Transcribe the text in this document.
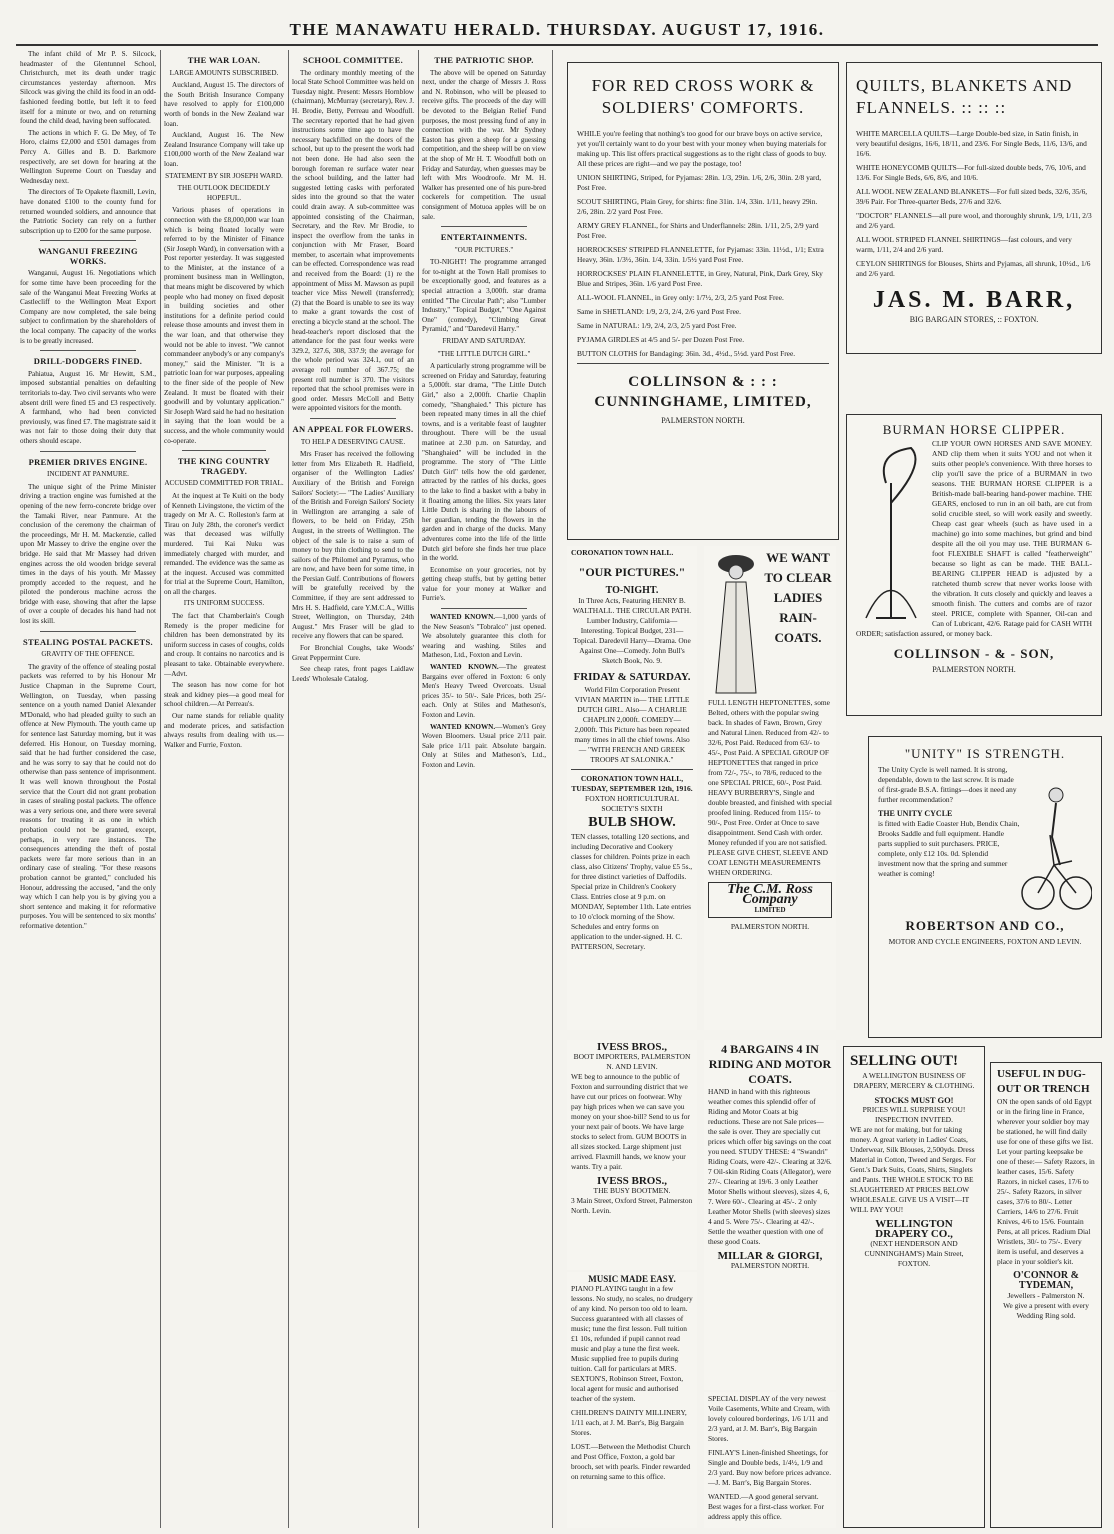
THE MANAWATU HERALD. THURSDAY. AUGUST 17, 1916.

The infant child of Mr P. S. Silcock, headmaster of the Glentunnel School, Christchurch, met its death under tragic circumstances yesterday afternoon. Mrs Silcock was giving the child its food in an odd-fashioned feeding bottle, but left it to feed itself for a minute or two, and on returning found the child dead, having been suffocated.

The actions in which F. G. De Mey, of Te Horo, claims £2,000 and £501 damages from Percy A. Gilles and B. D. Barkmore respectively, are set down for hearing at the Wellington Supreme Court on Tuesday and Wednesday next.

The directors of Te Opakete flaxmill, Levin, have donated £100 to the county fund for returned wounded soldiers, and announce that the Patriotic Society can rely on a further subscription up to £200 for the same purpose.

WANGANUI FREEZING WORKS.

Wanganui, August 16. Negotiations which for some time have been proceeding for the sale of the Wanganui Meat Freezing Works at Castlecliff to the Wellington Meat Export Company are now completed, the sale being subject to confirmation by the shareholders of the local company. The capacity of the works is to be greatly increased.

DRILL-DODGERS FINED.

Pahiatua, August 16. Mr Hewitt, S.M., imposed substantial penalties on defaulting territorials to-day. Two civil servants who were absent drill were fined £5 and £3 respectively. A farmhand, who had been convicted previously, was fined £7. The magistrate said it was not fair to those doing their duty that others should escape.

PREMIER DRIVES ENGINE.
INCIDENT AT PANMURE.

The unique sight of the Prime Minister driving a traction engine was furnished at the opening of the new ferro-concrete bridge over the Tamaki River, near Panmure. At the conclusion of the ceremony the chairman of the proceedings, Mr H. M. Mackenzie, called upon Mr Massey to drive the engine over the bridge. He said that Mr Massey had driven engines across the old wooden bridge several times in the days of his youth. Mr Massey promptly acceded to the request, and he piloted the ponderous machine across the bridge with ease, showing that after the lapse of over a couple of decades his hand had not lost its skill.

STEALING POSTAL PACKETS.
GRAVITY OF THE OFFENCE.

The gravity of the offence of stealing postal packets was referred to by his Honour Mr Justice Chapman in the Supreme Court, Wellington, on Tuesday, when passing sentence on a youth named Daniel Alexander M'Donald, who had pleaded guilty to such an offence at New Plymouth. The youth came up for sentence last Saturday morning, but it was deferred. His Honour, on Tuesday morning, said that he had further considered the case, and he was sorry to say that he could not do otherwise than pass sentence of imprisonment. It was well known throughout the Postal service that the Court did not grant probation in cases of stealing postal packets. The offence was a very serious one, and there were several reasons for treating it as one in which probation could not be granted, except, perhaps, in very rare instances. The consequences attending the theft of postal packets were far more serious than in an ordinary case of stealing. "For these reasons probation cannot be granted," concluded his Honour, addressing the accused, "and the only way which I can help you is by giving you a short sentence and making it for reformative purposes. You will be sentenced to six months' reformative detention."

THE WAR LOAN.
LARGE AMOUNTS SUBSCRIBED.

Auckland, August 15. The directors of the South British Insurance Company have resolved to apply for £100,000 worth of bonds in the New Zealand war loan.

Auckland, August 16. The New Zealand Insurance Company will take up £100,000 worth of the New Zealand war loan.

STATEMENT BY SIR JOSEPH WARD.
THE OUTLOOK DECIDEDLY HOPEFUL.

Various phases of operations in connection with the £8,000,000 war loan which is being floated locally were referred to by the Minister of Finance (Sir Joseph Ward), in conversation with a Post reporter yesterday. It was suggested to the Minister, at the instance of a prominent business man in Wellington, that means might be discovered by which people who had money on fixed deposit in building societies and other institutions for a definite period could release those amounts and invest them in the war loan, and that otherwise they would not be able to invest. "We cannot commandeer anybody's or any company's money," said the Minister. "It is a patriotic loan for war purposes, appealing to the finer side of the people of New Zealand. It must be floated with their goodwill and by voluntary application." Sir Joseph Ward said he had no hesitation in saying that the loan would be a success, and the whole community would co-operate.

THE KING COUNTRY TRAGEDY.
ACCUSED COMMITTED FOR TRIAL.

At the inquest at Te Kuiti on the body of Kenneth Livingstone, the victim of the tragedy on Mr A. C. Rolleston's farm at Tirau on July 28th, the coroner's verdict was that deceased was wilfully murdered. Tui Kai Nuku was immediately charged with murder, and remanded. The evidence was the same as at the inquest. Accused was committed for trial at the Supreme Court, Hamilton, on all the charges.

ITS UNIFORM SUCCESS.

The fact that Chamberlain's Cough Remedy is the proper medicine for children has been demonstrated by its uniform success in cases of coughs, colds and croup. It contains no narcotics and is pleasant to take. Obtainable everywhere.—Advt.

The season has now come for hot steak and kidney pies—a good meal for school children.—At Perreau's.

Our name stands for reliable quality and moderate prices, and satisfaction always results from dealing with us.—Walker and Furrie, Foxton.

SCHOOL COMMITTEE.

The ordinary monthly meeting of the local State School Committee was held on Tuesday night. Present: Messrs Hornblow (chairman), McMurray (secretary), Rev. J. H. Brodie, Betty, Perreau and Woodfull. The secretary reported that he had given instructions some time ago to have the necessary backfilled on the doors of the school, but up to the present the work had not been done. He had also seen the borough foreman re surface water near the school building, and the latter had suggested letting casks with perforated sides into the ground so that the water could drain away. A sub-committee was appointed consisting of the Chairman, Secretary, and the Rev. Mr Brodie, to inspect the overflow from the tanks in conjunction with Mr Fraser, Board member, to ascertain what improvements can be effected. Correspondence was read and received from the Board: (1) re the appointment of Miss M. Mawson as pupil teacher vice Miss Newell (transferred); (2) that the Board is unable to see its way to make a grant towards the cost of erecting a bicycle stand at the school. The head-teacher's report disclosed that the attendance for the past four weeks were 329.2, 327.6, 308, 337.9; the average for the whole period was 324.1, out of an average roll number of 367.75; the present roll number is 370. The visitors reported that the school premises were in good order. Messrs McColl and Betty were appointed visitors for the month.

AN APPEAL FOR FLOWERS.
TO HELP A DESERVING CAUSE.

Mrs Fraser has received the following letter from Mrs Elizabeth R. Hadfield, organiser of the Wellington Ladies' Auxiliary of the British and Foreign Sailors' Society:— "The Ladies' Auxiliary of the British and Foreign Sailors' Society in Wellington are arranging a sale of flowers, to be held on Friday, 25th August, in the streets of Wellington. The object of the sale is to raise a sum of money to buy thin clothing to send to the sailors of the Philomel and Pyramus, who are now, and have been for some time, in the Persian Gulf. Contributions of flowers will be gratefully received by the Committee, if they are sent addressed to Mrs H. S. Hadfield, care Y.M.C.A., Willis Street, Wellington, on Thursday, 24th August." Mrs Fraser will be glad to receive any flowers that can be spared.

For Bronchial Coughs, take Woods' Great Peppermint Cure.

See cheap rates, front pages Laidlaw Leeds' Wholesale Catalog.

THE PATRIOTIC SHOP.

The above will be opened on Saturday next, under the charge of Messrs J. Ross and N. Robinson, who will be pleased to receive gifts. The proceeds of the day will be devoted to the Belgian Relief Fund purposes, the most pressing fund of any in connection with the war. Mr Sydney Easton has given a sheep for a guessing competition, and the sheep will be on view at the shop of Mr H. T. Woodfull both on Friday and Saturday, when guesses may be left with Mrs Woodroofe. Mr M. H. Walker has presented one of his pure-bred cockerels for competition. The usual consignment of Motuoa apples will be on sale.

ENTERTAINMENTS.
"OUR PICTURES."

TO-NIGHT! The programme arranged for to-night at the Town Hall promises to be exceptionally good, and features as a special attraction a 3,000ft. star drama entitled "The Circular Path"; also "Lumber Industry," "Topical Budget," "One Against One" (comedy), "Climbing Great Pyramid," and "Daredevil Harry."

FRIDAY AND SATURDAY.
"THE LITTLE DUTCH GIRL."

A particularly strong programme will be screened on Friday and Saturday, featuring a 5,000ft. star drama, "The Little Dutch Girl," also a 2,000ft. Charlie Chaplin comedy, "Shanghaied." This picture has been repeated many times in all the chief towns, and is a veritable feast of laughter throughout. There will be the usual matinee at 2.30 p.m. on Saturday, and "Shanghaied" will be included in the programme. The story of "The Little Dutch Girl" tells how the old gardener, attracted by the rattles of his ducks, goes to the lake to find a basket with a baby in it floating among the lilies. Six years later Little Dutch is sharing in the labours of her guardian, tending the flowers in the garden and in charge of the ducks. Many adventures come into the life of the little Dutch girl before she finds her true place in the world.

Economise on your groceries, not by getting cheap stuffs, but by getting better value for your money at Walker and Furrie's.

WANTED KNOWN.—1,000 yards of the New Season's "Tobralco" just opened. We absolutely guarantee this cloth for wearing and washing. Stiles and Matheson, Ltd., Foxton and Levin.

WANTED KNOWN.—The greatest Bargains ever offered in Foxton: 6 only Men's Heavy Tweed Overcoats. Usual prices 35/- to 50/-. Sale Prices, both 25/- each. Only at Stiles and Matheson's, Foxton and Levin.

WANTED KNOWN.—Women's Grey Woven Bloomers. Usual price 2/11 pair. Sale price 1/11 pair. Absolute bargain. Only at Stiles and Matheson's, Ltd., Foxton and Levin.

FOR RED CROSS WORK & SOLDIERS' COMFORTS.

WHILE you're feeling that nothing's too good for our brave boys on active service, yet you'll certainly want to do your best with your money when buying materials for making up. This list offers practical suggestions as to the right class of goods to buy. All these prices are right—and we pay the postage, too!

UNION SHIRTING, Striped, for Pyjamas: 28in. 1/3, 29in. 1/6, 2/6, 30in. 2/8 yard, Post Free.

SCOUT SHIRTING, Plain Grey, for shirts: fine 31in. 1/4, 33in. 1/11, heavy 29in. 2/6, 28in. 2/2 yard Post Free.

ARMY GREY FLANNEL, for Shirts and Underflannels: 28in. 1/11, 2/5, 2/9 yard Post Free.

HORROCKSES' STRIPED FLANNELETTE, for Pyjamas: 33in. 11½d., 1/1; Extra Heavy, 36in. 1/3½, 36in. 1/4, 33in. 1/5½ yard Post Free.

HORROCKSES' PLAIN FLANNELETTE, in Grey, Natural, Pink, Dark Grey, Sky Blue and Stripes, 36in. 1/6 yard Post Free.

ALL-WOOL FLANNEL, in Grey only: 1/7½, 2/3, 2/5 yard Post Free.

Same in SHETLAND: 1/9, 2/3, 2/4, 2/6 yard Post Free.

Same in NATURAL: 1/9, 2/4, 2/3, 2/5 yard Post Free.

PYJAMA GIRDLES at 4/5 and 5/- per Dozen Post Free.

BUTTON CLOTHS for Bandaging: 36in. 3d., 4½d., 5½d. yard Post Free.

COLLINSON & : : : CUNNINGHAME, LIMITED,
PALMERSTON NORTH.
QUILTS, BLANKETS AND FLANNELS. :: :: ::

WHITE MARCELLA QUILTS—Large Double-bed size, in Satin finish, in very beautiful designs, 16/6, 18/11, and 23/6. For Single Beds, 11/6, 13/6, and 16/6.

WHITE HONEYCOMB QUILTS—For full-sized double beds, 7/6, 10/6, and 13/6. For Single Beds, 6/6, 8/6, and 10/6.

ALL WOOL NEW ZEALAND BLANKETS—For full sized beds, 32/6, 35/6, 39/6 Pair. For Three-quarter Beds, 27/6 and 32/6.

"DOCTOR" FLANNELS—all pure wool, and thoroughly shrunk, 1/9, 1/11, 2/3 and 2/6 yard.

ALL WOOL STRIPED FLANNEL SHIRTINGS—fast colours, and very warm, 1/11, 2/4 and 2/6 yard.

CEYLON SHIRTINGS for Blouses, Shirts and Pyjamas, all shrunk, 10½d., 1/6 and 2/6 yard.

JAS. M. BARR,
BIG BARGAIN STORES, :: FOXTON.
BURMAN HORSE CLIPPER.

CLIP YOUR OWN HORSES AND SAVE MONEY. AND clip them when it suits YOU and not when it suits other people's convenience. With three horses to clip you'll save the price of a BURMAN in two seasons. THE BURMAN HORSE CLIPPER is a British-made ball-bearing hand-power machine. THE GEARS, enclosed to run in an oil bath, are cut from solid crucible steel, so will work easily and sweetly. Cheap cast gear wheels (such as have used in a machine) go into some machines, but grind and bind despite all the oil you may use. THE BURMAN 6-foot FLEXIBLE SHAFT is called "featherweight" because so light as can be made. THE BALL-BEARING CLIPPER HEAD is adjusted by a ratcheted thumb screw that never works loose with the vibration. It cuts closely and quickly and leaves a smooth finish. The cutters and combs are of razor steel. PRICE, complete with Spanner, Oil-can and Can of Lubricant, 42/6. Ratage paid for CASH WITH ORDER; satisfaction assured, or money back.

COLLINSON - & - SON,
PALMERSTON NORTH.
CORONATION TOWN HALL.
"OUR PICTURES."
TO-NIGHT.

In Three Acts, Featuring HENRY B. WALTHALL. THE CIRCULAR PATH. Lumber Industry, California—Interesting. Topical Budget, 231—Topical. Daredevil Harry—Drama. One Against One—Comedy. John Bull's Sketch Book, No. 9.

FRIDAY & SATURDAY.

World Film Corporation Present VIVIAN MARTIN in— THE LITTLE DUTCH GIRL. Also— A CHARLIE CHAPLIN 2,000ft. COMEDY— 2,000ft. This Picture has been repeated many times in all the chief towns. Also— "WITH FRENCH AND GREEK TROOPS AT SALONIKA."

CORONATION TOWN HALL, TUESDAY, SEPTEMBER 12th, 1916.
FOXTON HORTICULTURAL SOCIETY'S SIXTH
BULB SHOW.

TEN classes, totalling 120 sections, and including Decorative and Cookery classes for children. Points prize in each class, also Citizens' Trophy, value £5 5s., for three distinct varieties of Daffodils. Special prize in Children's Cookery Class. Entries close at 9 p.m. on MONDAY, September 11th. Late entries to 10 o'clock morning of the Show. Schedules and entry forms on application to the under-signed. H. C. PATTERSON, Secretary.

WE WANT TO CLEAR LADIES RAIN-COATS.

FULL LENGTH HEPTONETTES, some Belted, others with the popular swing back. In shades of Fawn, Brown, Grey and Natural Linen. Reduced from 42/- to 32/6, Post Paid. Reduced from 63/- to 45/-, Post Paid. A SPECIAL GROUP OF HEPTONETTES that ranged in price from 72/-, 75/-, to 78/6, reduced to the one SPECIAL PRICE, 60/-, Post Paid. HEAVY BURBERRY'S, Single and double breasted, and finished with special proofed lining. Reduced from 115/- to 90/-, Post Free. Order at Once to save disappointment. Send Cash with order. Money refunded if you are not satisfied. PLEASE GIVE CHEST, SLEEVE AND COAT LENGTH MEASUREMENTS WHEN ORDERING.

The C.M. Ross Company
LIMITED
PALMERSTON NORTH.
"UNITY" IS STRENGTH.

The Unity Cycle is well named. It is strong, dependable, down to the last screw. It is made of first-grade B.S.A. fittings—does it need any further recommendation?

THE UNITY CYCLE

is fitted with Eadie Coaster Hub, Bendix Chain, Brooks Saddle and full equipment. Handle parts supplied to suit purchasers. PRICE, complete, only £12 10s. 0d. Splendid investment now that the spring and summer weather is coming!

ROBERTSON AND CO.,
MOTOR AND CYCLE ENGINEERS, FOXTON AND LEVIN.
4 BARGAINS 4 IN RIDING AND MOTOR COATS.

HAND in hand with this righteous weather comes this splendid offer of Riding and Motor Coats at big reductions. These are not Sale prices—the sale is over. They are specially cut prices which offer big savings on the coat you need. STUDY THESE: 4 "Swandri" Riding Coats, were 42/-. Clearing at 32/6. 7 Oil-skin Riding Coats (Allegator), were 27/-. Clearing at 19/6. 3 only Leather Motor Shells without sleeves), sizes 4, 6, 7. Were 60/-. Clearing at 45/-. 2 only Leather Motor Shells (with sleeves) sizes 4 and 5. Were 75/-. Clearing at 42/-. Settle the weather question with one of these good Coats.

MILLAR & GIORGI,
PALMERSTON NORTH.
IVESS BROS.,
BOOT IMPORTERS, PALMERSTON N. AND LEVIN.

WE beg to announce to the public of Foxton and surrounding district that we have cut our prices on footwear. Why pay high prices when we can save you money on your shoe-bill? Send to us for your next pair of boots. We have large stocks to select from. GUM BOOTS in all sizes stocked. Large shipment just arrived. Flaxmill hands, we know your wants. Try a pair.

IVESS BROS.,
THE BUSY BOOTMEN.

3 Main Street, Oxford Street, Palmerston North. Levin.

MUSIC MADE EASY.

PIANO PLAYING taught in a few lessons. No study, no scales, no drudgery of any kind. No person too old to learn. Success guaranteed with all classes of music; tune the first lesson. Full tuition £1 10s, refunded if pupil cannot read music and play a tune the first week. Music supplied free to pupils during tuition. Call for particulars at MRS. SEXTON'S, Robinson Street, Foxton, local agent for music and authorised teacher of the system.

CHILDREN'S DAINTY MILLINERY, 1/11 each, at J. M. Barr's, Big Bargain Stores.

LOST.—Between the Methodist Church and Post Office, Foxton, a gold bar brooch, set with pearls. Finder rewarded on returning same to this office.

SPECIAL DISPLAY of the very newest Voile Casements, White and Cream, with lovely coloured borderings, 1/6 1/11 and 2/3 yard, at J. M. Barr's, Big Bargain Stores.

FINLAY'S Linen-finished Sheetings, for Single and Double beds, 1/4½, 1/9 and 2/3 yard. Buy now before prices advance.—J. M. Barr's, Big Bargain Stores.

WANTED.—A good general servant. Best wages for a first-class worker. For address apply this office.

SELLING OUT!

A WELLINGTON BUSINESS OF DRAPERY, MERCERY & CLOTHING.

STOCKS MUST GO!
PRICES WILL SURPRISE YOU!
INSPECTION INVITED.

WE are not for making, but for taking money. A great variety in Ladies' Coats, Underwear, Silk Blouses, 2,500yds. Dress Material in Cotton, Tweed and Serges. For Gent.'s Dark Suits, Coats, Shirts, Singlets and Pants. THE WHOLE STOCK TO BE SLAUGHTERED AT PRICES BELOW WHOLESALE. GIVE US A VISIT—IT WILL PAY YOU!

WELLINGTON DRAPERY CO.,
(NEXT HENDERSON AND CUNNINGHAM'S) Main Street, FOXTON.
USEFUL IN DUG-OUT OR TRENCH

ON the open sands of old Egypt or in the firing line in France, wherever your soldier boy may be stationed, he will find daily use for one of these gifts we list. Let your parting keepsake be one of these:— Safety Razors, in leather cases, 15/6. Safety Razors, in nickel cases, 17/6 to 25/-. Safety Razors, in silver cases, 37/6 to 80/-. Letter Carriers, 14/6 to 27/6. Fruit Knives, 4/6 to 15/6. Fountain Pens, at all prices. Radium Dial Wristlets, 30/- to 75/-. Every item is useful, and deserves a place in your soldier's kit.

O'CONNOR & TYDEMAN,
Jewellers - Palmerston N.

We give a present with every Wedding Ring sold.
